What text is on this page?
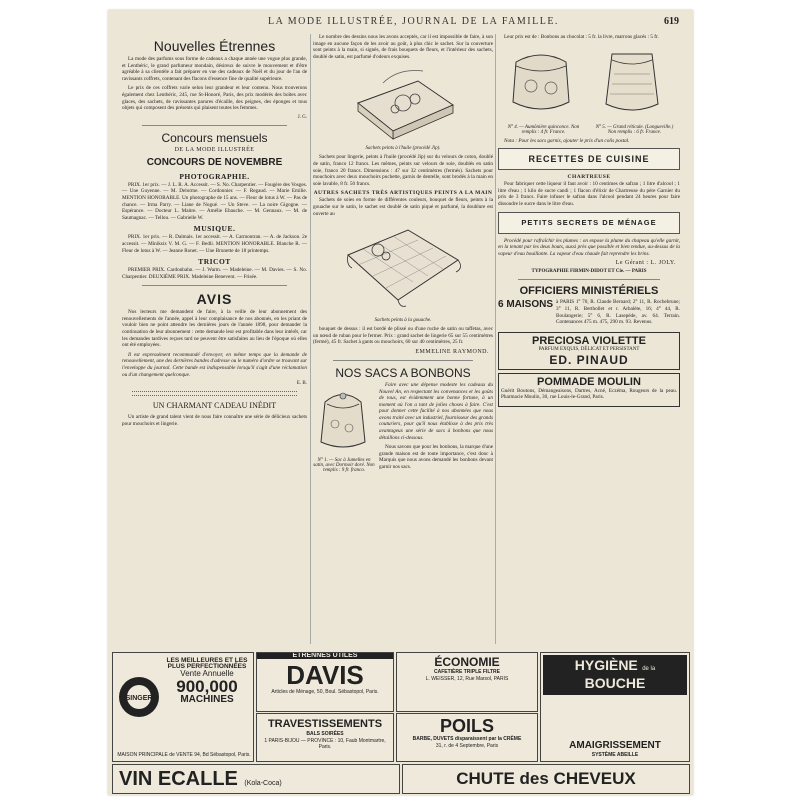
LA MODE ILLUSTRÉE, JOURNAL DE LA FAMILLE.	619
Nouvelles Étrennes

La mode des parfums sous forme de cadeaux a chaque année une vogue plus grande, et Lenthéric, le grand parfumeur mondain, désireux de suivre le mouvement et d'être agréable à sa clientèle a fait préparer en vue des cadeaux de Noël et du jour de l'an de ravissants coffrets, contenant des flacons d'essence fine de qualité supérieure.

Le prix de ces coffrets varie selon leur grandeur et leur contenu. Nous trouverons également chez Lenthéric, 245, rue St-Honoré, Paris, des prix modérés des boîtes avec glaces, des sachets, de ravissantes parures d'écaille, des peignes, des éponges et tous objets qui composent des présents qui plaisent toutes les femmes.

J. G.
Concours mensuels
DE LA MODE ILLUSTRÉE
CONCOURS DE NOVEMBRE
PHOTOGRAPHIE.

PRIX. 1er prix. — J. L. R. A. Accessit. — S. No. Charpentier. — Fougère des Vosges. — Une Guyenne. — M. Delorme. — Cordonnier. — F. Regaud. — Marie Emilie. MENTION HONORABLE. Un photographe de 15 ans. — Fleur de lotus à W. — Pas de chance. — Irma Parry. — Liane de Nogué. — Un Steve. — La noire Gigogne. — Espérance. — Docteur L. Maitre. — Amélie Ebauche. — M. Gennaux. — M. de Saumagnac. — Tellou. — Gabrielle W.

MUSIQUE.

PRIX. 1er prix. — R. Dalmais. 1er accessit. — A. Carmontran. — A. de Jackson. 2e accessit. — Miniksix V. M. G. — F. Bedli. MENTION HONORABLE. Blanche R. — Fleur de lotus à W. — Jeanne Ronet. — Une Brunette de 18 printemps.

TRICOT

PREMIER PRIX. Cardonbahn. — J. Warm. — Madeleine. — M. Davies. — S. No. Charpentier. DEUXIÈME PRIX. Madeleine Benevent. — Frisée.

AVIS

Nos lecteurs me demandent de faire, à la veille de leur abonnement des renouvellements de l'année, appel à leur complaisance de nos abonnés, en les priant de vouloir bien ne point attendre les dernières jours de l'année 1898, pour demander la continuation de leur abonnement : cette demande leur est profitable dans leur intérêt, car les demandes tardives reçues tard ne peuvent être satisfaites au lieu de l'époque où elles ont été employées.

Il est expressément recommandé d'envoyer, en même temps que la demande de renouvellement, une des dernières bandes d'adresse ou le numéro d'ordre se trouvant sur l'enveloppe du journal. Cette bande est indispensable lorsqu'il s'agit d'une réclamation ou d'un changement quelconque.

E. B.
UN CHARMANT CADEAU INÉDIT

Un artiste de grand talent vient de nous faire connaître une série de délicieux sachets pour mouchoirs et lingerie.

Le nombre des dessins nous les avons acceptés, car il est impossible de faire, à son image en aucune façon de les avoir au goût, à plus chic le sachet. Sur la couverture sont peints à la main, si signés, de frais bouquets de fleurs, et l'intérieur des sachets, doublé de satin, est parfumé d'odeurs exquises.

Sachets peints à l'huile (procédé Jip).

Sachets pour lingerie, peints à l'huile (procédé Jip) sur du velours de coton, doublé de satin, franco 12 francs. Les mêmes, peints sur velours de soie, doublés en satin soie, franco 20 francs. Dimensions : 47 sur 32 centimètres (fermés). Sachets pour mouchoirs avec deux mouchoirs puchette, garnis de dentelle, sont brodés à la main en soie lavable, 8 fr. 50 francs.

AUTRES SACHETS TRÈS ARTISTIQUES PEINTS A LA MAIN

Sachets de soies en forme de différentes couleurs, bouquet de fleurs, peints à la gouache sur le satin, le sachet est doublé de satin piqué et parfumé, la doublure est ouverte au

Sachets peints à la gouache.

bouquet de dessus : il est bordé de plissé ou d'une ruche de satin ou taffetas, avec un nœud de ruban pour le fermer. Prix : grand sachet de lingerie 65 sur 55 centimètres (fermé), 45 fr. Sachet à gants ou mouchoirs, 60 sur 40 centimètres, 25 fr.

EMMELINE RAYMOND.
NOS SACS A BONBONS
N° 1. — Sac à Jumelles en satin, avec Dormoir doré. Non remplis : 9 fr. franco.

Faire avec une dépense modeste les cadeaux du Nouvel An, en respectant les convenances et les goûts de tous, est évidemment une bonne fortune, à un moment où l'on a tant de jolies choses à faire. C'est pour donner cette facilité à nos abonnées que nous avons traité avec un industriel, fournisseur des grands couturiers, pour qu'il nous établisse à des prix très avantageux une série de sacs à bonbons que nous détaillons ci-dessous.

Nous savons que pour les bonbons, la marque d'une grande maison est de toute importance, c'est donc à Marquis que nous avons demandé les bonbons devant garnir nos sacs.

Leur prix est de : Bonbons au chocolat : 5 fr. la livre, marrons glacés : 5 fr.

N° 4. — Aumônière quinconce. Non remplis : 4 fr. France.
N° 5. — Grand réticule. (Longueville.) Non remplis : 6 fr. France.

Nota : Pour les sacs garnis, ajouter le prix d'un colis postal.

RECETTES DE CUISINE
CHARTREUSE

Pour fabriquer cette liqueur il faut avoir : 10 centimes de safran ; 1 litre d'alcool ; 1 litre d'eau ; 1 kilo de sucre candi ; 1 flacon d'élixir de Chartreuse du père Garnier du prix de 3 francs. Faire infuser le safran dans l'alcool pendant 24 heures pour faire dissoudre le sucre dans le litre d'eau.

PETITS SECRETS DE MÉNAGE

Procédé pour rafraîchir les plumes : on expose la plume du chapeau qu'elle garnit, en la tenant par les deux bouts, aussi près que possible et bien tendue, au-dessus de la vapeur d'eau bouillante. La vapeur d'eau chaude fait reprendre les brins.

Le Gérant : L. JOLY.
TYPOGRAPHIE FIRMIN-DIDOT ET Cie. — PARIS
OFFICIERS MINISTÉRIELS
6 MAISONS à PARIS 1° 70, R. Claude Bernard; 2° 11, R. Rochebrune; 3° 11, R. Berthollet et r. Arbalète, 16; 4° 44, R. Boulangerie; 5° 6, R. Lasepède, av. 64. Terrain. Contenances 475 m. 475, 290 m. 93. Revenus.

PRECIOSA VIOLETTE
PARFUM EXQUIS, DÉLICAT ET PERSISTANT
ED. PINAUD
POMMADE MOULIN

Guérit Boutons, Démangeaisons, Dartres, Acné, Eczéma, Rougeurs de la peau. Pharmacie Moulin, 30, rue Louis-le-Grand, Paris.

SINGER
LES MEILLEURES ET LES PLUS PERFECTIONNÉES
Vente Annuelle
900,000
MACHINES
MAISON PRINCIPALE de VENTE 94, Bd Sébastopol, Paris.
ÉTRENNES UTILES
DAVIS
Articles de Ménage, 50, Boul. Sébastopol, Paris.
TRAVESTISSEMENTS
BALS SOIRÉES
1 PARIS-BIJOU — PROVINCE : 10, Faub Montmartre, Paris.
ÉCONOMIE
CAFETIÈRE TRIPLE FILTRE
L. WEISSER, 12, Rue Marsol, PARIS
POILS
BARBE, DUVETS disparaissent par la CRÈME
31, r. de 4 Septembre, Paris
HYGIÈNE de la BOUCHE
AMAIGRISSEMENT
SYSTÈME ABEILLE
VIN ECALLE (Kola-Coca)	CHUTE des CHEVEUX
